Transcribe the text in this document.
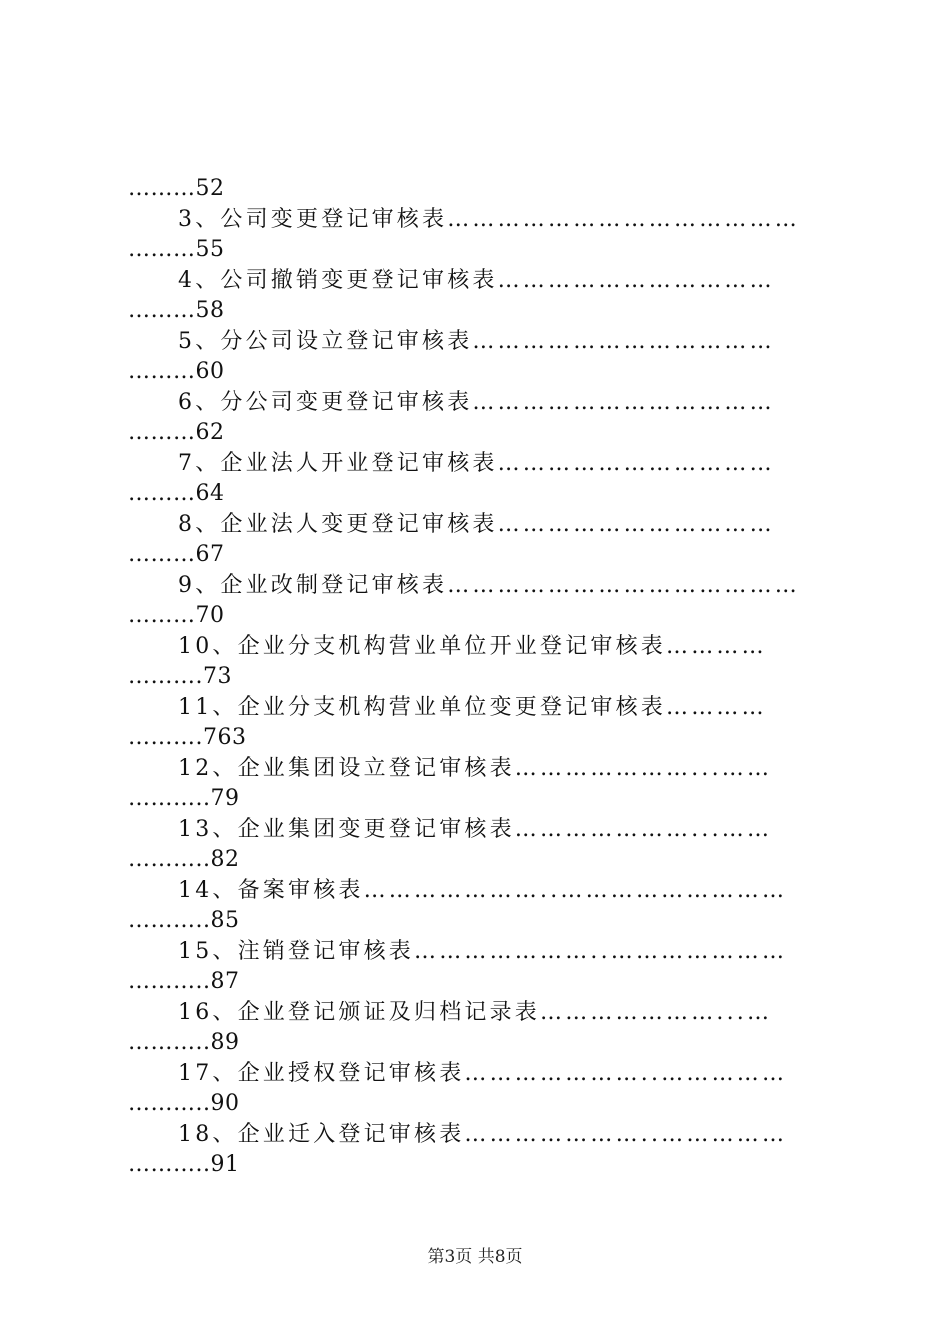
………52
3、公司变更登记审核表……………………………………
………55
4、公司撤销变更登记审核表……………………………
………58
5、分公司设立登记审核表………………………………
………60
6、分公司变更登记审核表………………………………
………62
7、企业法人开业登记审核表……………………………
………64
8、企业法人变更登记审核表……………………………
………67
9、企业改制登记审核表……………………………………
………70
10、企业分支机构营业单位开业登记审核表…………
……….73
11、企业分支机构营业单位变更登记审核表…………
……….763
12、企业集团设立登记审核表…………………...……
………..79
13、企业集团变更登记审核表…………………...……
………..82
14、备案审核表…………………..………………………
………..85
15、注销登记审核表…………………..…………………
………..87
16、企业登记颁证及归档记录表…………………...…
………..89
17、企业授权登记审核表…………………..……………
………..90
18、企业迁入登记审核表…………………..……………
………..91
第3页 共8页
